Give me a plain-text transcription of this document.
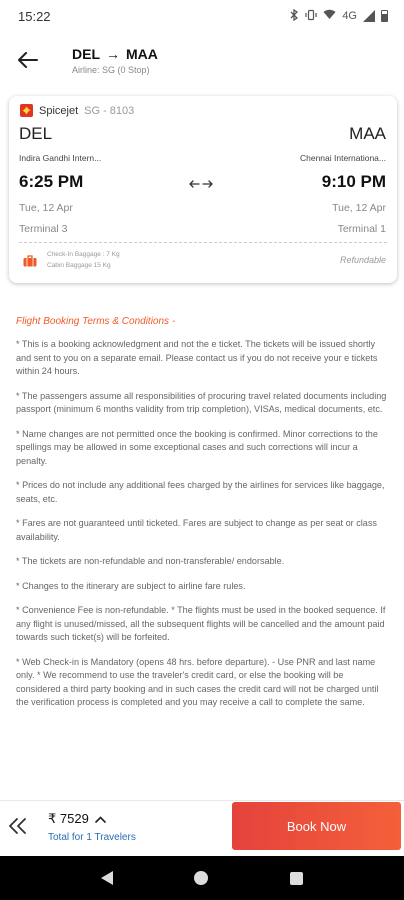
15:22	4G
DEL → MAA
Airline: SG (0 Stop)
Spicejet SG - 8103
DEL	MAA
Indira Gandhi Intern...	Chennai Internationa...
6:25 PM	9:10 PM
Tue, 12 Apr	Tue, 12 Apr
Terminal 3	Terminal 1
Check-In Baggage : 7 Kg
Cabin Baggage 15 Kg
Refundable
Flight Booking Terms & Conditions -
* This is a booking acknowledgment and not the e ticket. The tickets will be issued shortly and sent to you on a separate email. Please contact us if you do not receive your e tickets within 24 hours.
* The passengers assume all responsibilities of procuring travel related documents including passport (minimum 6 months validity from trip completion), VISAs, medical documents, etc.
* Name changes are not permitted once the booking is confirmed. Minor corrections to the spellings may be allowed in some exceptional cases and such corrections will incur a penalty.
* Prices do not include any additional fees charged by the airlines for services like baggage, seats, etc.
* Fares are not guaranteed until ticketed. Fares are subject to change as per seat or class availability.
* The tickets are non-refundable and non-transferable/ endorsable.
* Changes to the itinerary are subject to airline fare rules.
* Convenience Fee is non-refundable. * The flights must be used in the booked sequence. If any flight is unused/missed, all the subsequent flights will be cancelled and the amount paid towards such ticket(s) will be forfeited.
* Web Check-in is Mandatory (opens 48 hrs. before departure). - Use PNR and last name only. * We recommend to use the traveler's credit card, or else the booking will be considered a third party booking and in such cases the credit card will not be charged until the verification process is completed and you may receive a call to complete the same.
₹ 7529
Total for 1 Travelers
Book Now
